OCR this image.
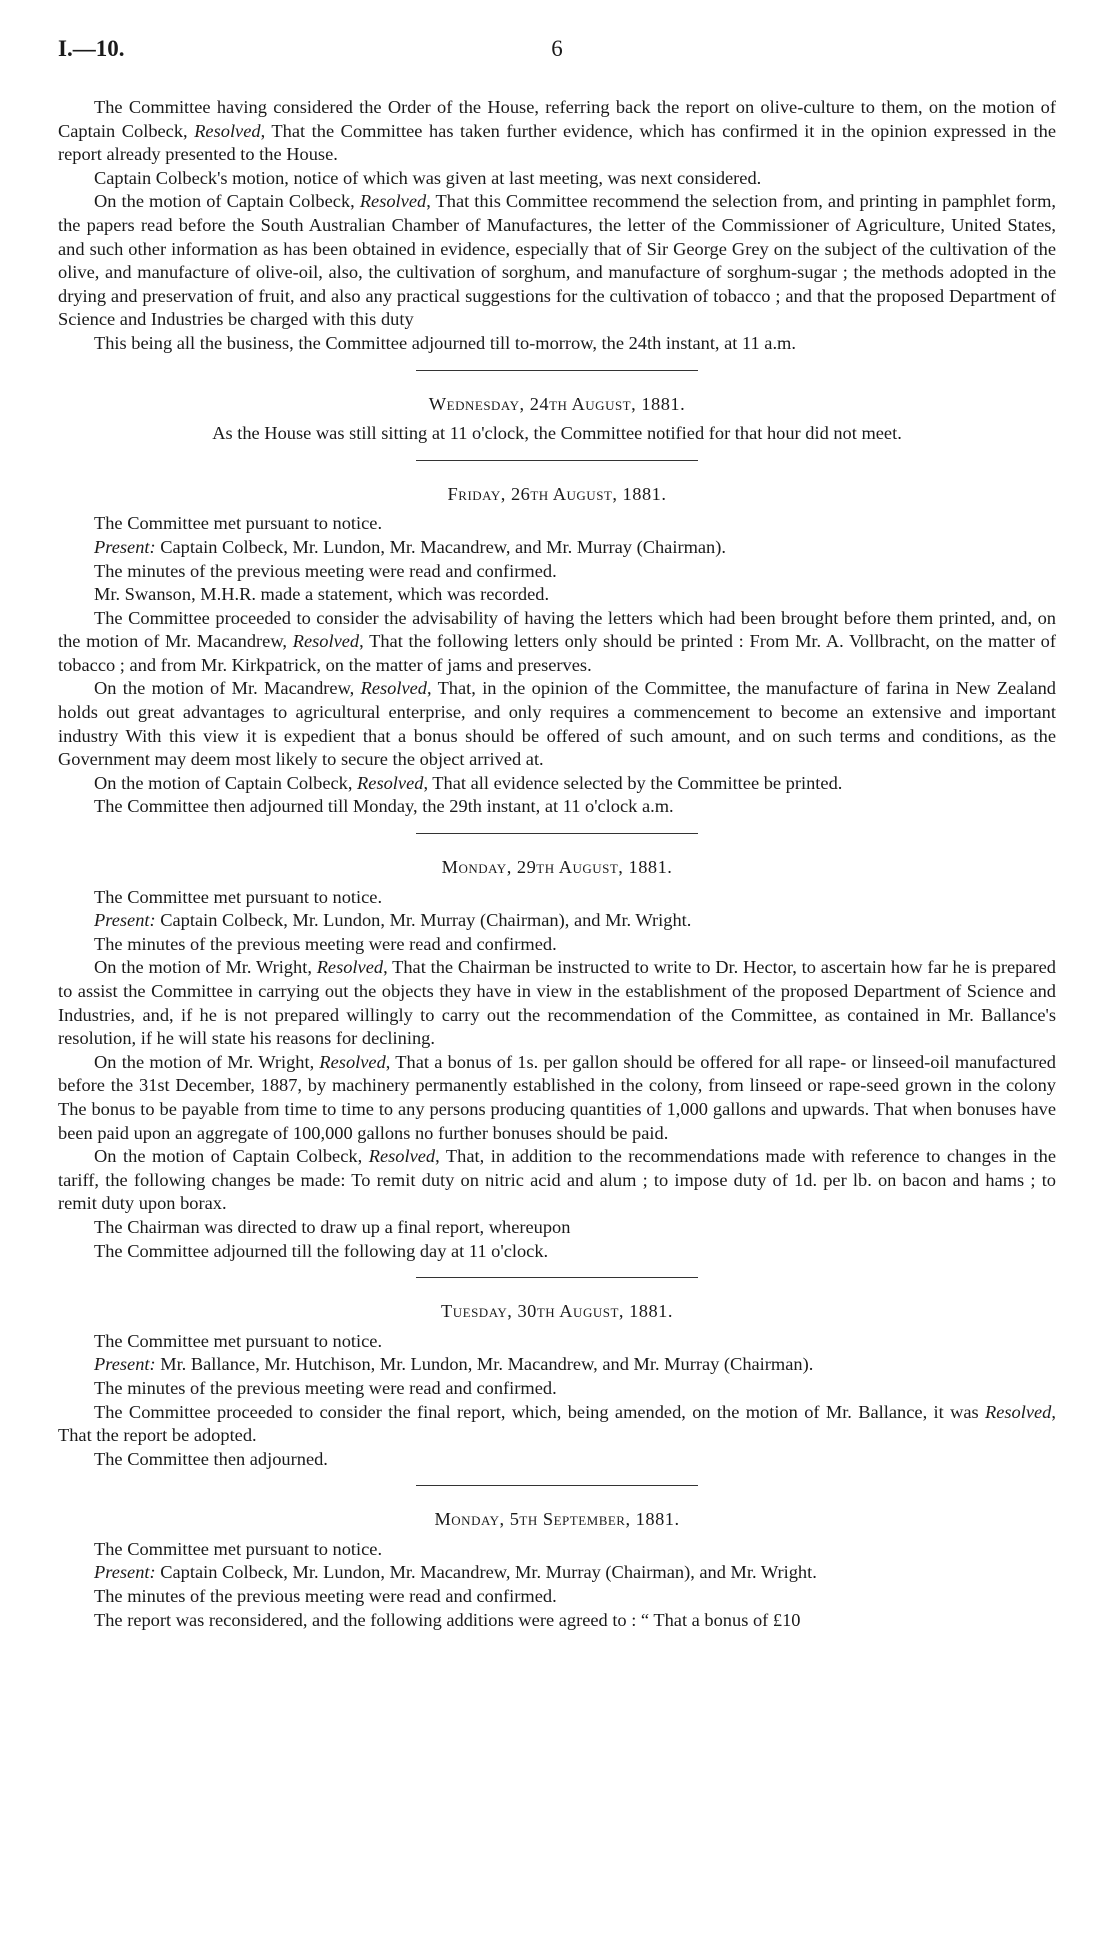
I.—10.	6

The Committee having considered the Order of the House, referring back the report on olive-culture to them, on the motion of Captain Colbeck, Resolved, That the Committee has taken further evidence, which has confirmed it in the opinion expressed in the report already presented to the House.

Captain Colbeck's motion, notice of which was given at last meeting, was next considered.

On the motion of Captain Colbeck, Resolved, That this Committee recommend the selection from, and printing in pamphlet form, the papers read before the South Australian Chamber of Manufactures, the letter of the Commissioner of Agriculture, United States, and such other information as has been obtained in evidence, especially that of Sir George Grey on the subject of the cultivation of the olive, and manufacture of olive-oil, also, the cultivation of sorghum, and manufacture of sorghum-sugar ; the methods adopted in the drying and preservation of fruit, and also any practical suggestions for the cultivation of tobacco ; and that the proposed Department of Science and Industries be charged with this duty

This being all the business, the Committee adjourned till to-morrow, the 24th instant, at 11 a.m.

Wednesday, 24th August, 1881.

As the House was still sitting at 11 o'clock, the Committee notified for that hour did not meet.

Friday, 26th August, 1881.

The Committee met pursuant to notice.

Present: Captain Colbeck, Mr. Lundon, Mr. Macandrew, and Mr. Murray (Chairman).

The minutes of the previous meeting were read and confirmed.

Mr. Swanson, M.H.R. made a statement, which was recorded.

The Committee proceeded to consider the advisability of having the letters which had been brought before them printed, and, on the motion of Mr. Macandrew, Resolved, That the following letters only should be printed : From Mr. A. Vollbracht, on the matter of tobacco ; and from Mr. Kirkpatrick, on the matter of jams and preserves.

On the motion of Mr. Macandrew, Resolved, That, in the opinion of the Committee, the manufacture of farina in New Zealand holds out great advantages to agricultural enterprise, and only requires a commencement to become an extensive and important industry With this view it is expedient that a bonus should be offered of such amount, and on such terms and conditions, as the Government may deem most likely to secure the object arrived at.

On the motion of Captain Colbeck, Resolved, That all evidence selected by the Committee be printed.

The Committee then adjourned till Monday, the 29th instant, at 11 o'clock a.m.

Monday, 29th August, 1881.

The Committee met pursuant to notice.

Present: Captain Colbeck, Mr. Lundon, Mr. Murray (Chairman), and Mr. Wright.

The minutes of the previous meeting were read and confirmed.

On the motion of Mr. Wright, Resolved, That the Chairman be instructed to write to Dr. Hector, to ascertain how far he is prepared to assist the Committee in carrying out the objects they have in view in the establishment of the proposed Department of Science and Industries, and, if he is not prepared willingly to carry out the recommendation of the Committee, as contained in Mr. Ballance's resolution, if he will state his reasons for declining.

On the motion of Mr. Wright, Resolved, That a bonus of 1s. per gallon should be offered for all rape- or linseed-oil manufactured before the 31st December, 1887, by machinery permanently established in the colony, from linseed or rape-seed grown in the colony The bonus to be payable from time to time to any persons producing quantities of 1,000 gallons and upwards. That when bonuses have been paid upon an aggregate of 100,000 gallons no further bonuses should be paid.

On the motion of Captain Colbeck, Resolved, That, in addition to the recommendations made with reference to changes in the tariff, the following changes be made: To remit duty on nitric acid and alum ; to impose duty of 1d. per lb. on bacon and hams ; to remit duty upon borax.

The Chairman was directed to draw up a final report, whereupon

The Committee adjourned till the following day at 11 o'clock.

Tuesday, 30th August, 1881.

The Committee met pursuant to notice.

Present: Mr. Ballance, Mr. Hutchison, Mr. Lundon, Mr. Macandrew, and Mr. Murray (Chairman).

The minutes of the previous meeting were read and confirmed.

The Committee proceeded to consider the final report, which, being amended, on the motion of Mr. Ballance, it was Resolved, That the report be adopted.

The Committee then adjourned.

Monday, 5th September, 1881.

The Committee met pursuant to notice.

Present: Captain Colbeck, Mr. Lundon, Mr. Macandrew, Mr. Murray (Chairman), and Mr. Wright.

The minutes of the previous meeting were read and confirmed.

The report was reconsidered, and the following additions were agreed to : “ That a bonus of £10
